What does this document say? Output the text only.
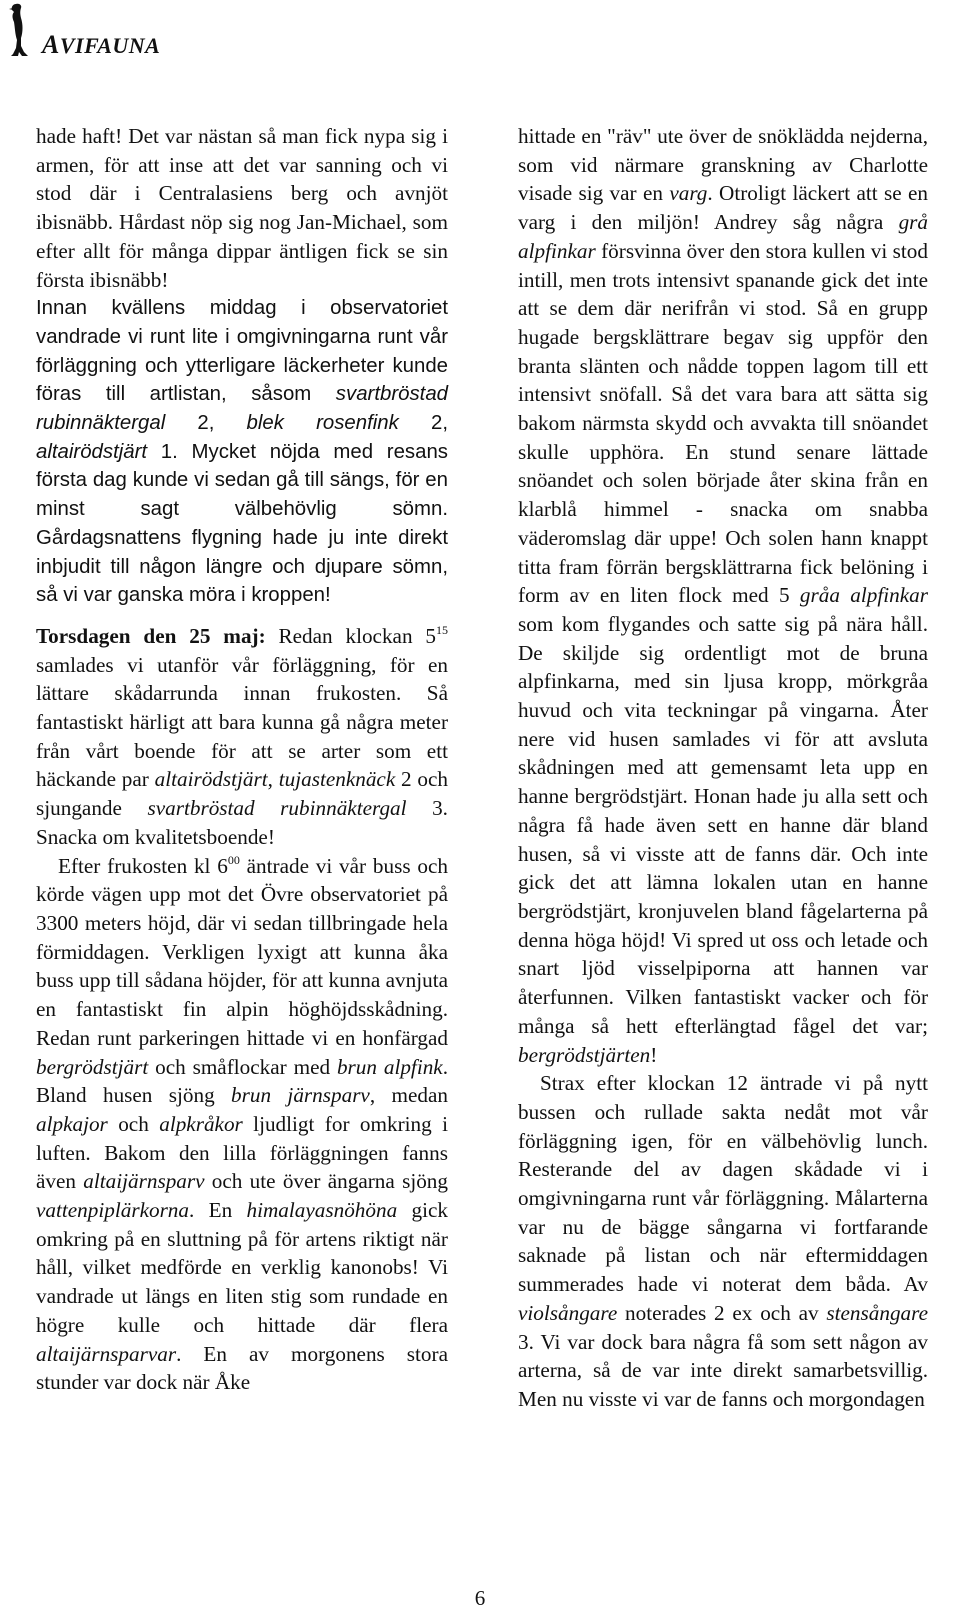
AVIFAUNA

hade haft! Det var nästan så man fick nypa sig i armen, för att inse att det var sanning och vi stod där i Centralasiens berg och avnjöt ibisnäbb. Hårdast nöp sig nog Jan-Michael, som efter allt för många dippar äntligen fick se sin första ibisnäbb!

Innan kvällens middag i observatoriet vandrade vi runt lite i omgivningarna runt vår förläggning och ytterligare läckerheter kunde föras till artlistan, såsom svartbröstad rubinnäktergal 2, blek rosenfink 2, altairödstjärt 1. Mycket nöjda med resans första dag kunde vi sedan gå till sängs, för en minst sagt välbehövlig sömn. Gårdagsnattens flygning hade ju inte direkt inbjudit till någon längre och djupare sömn, så vi var ganska möra i kroppen!

Torsdagen den 25 maj: Redan klockan $5^{15}$ samlades vi utanför vår förläggning, för en lättare skådarrunda innan frukosten. Så fantastiskt härligt att bara kunna gå några meter från vårt boende för att se arter som ett häckande par altairödstjärt, tujastenknäck 2 och sjungande svartbröstad rubinnäktergal 3. Snacka om kvalitetsboende!

Efter frukosten kl $6^{00}$ äntrade vi vår buss och körde vägen upp mot det Övre observatoriet på 3300 meters höjd, där vi sedan tillbringade hela förmiddagen. Verkligen lyxigt att kunna åka buss upp till sådana höjder, för att kunna avnjuta en fantastiskt fin alpin höghöjdsskådning. Redan runt parkeringen hittade vi en honfärgad bergrödstjärt och småflockar med brun alpfink. Bland husen sjöng brun järnsparv, medan alpkajor och alpkråkor ljudligt for omkring i luften. Bakom den lilla förläggningen fanns även altaijärnsparv och ute över ängarna sjöng vattenpiplärkorna. En himalayasnöhöna gick omkring på en sluttning på för artens riktigt när håll, vilket medförde en verklig kanonobs! Vi vandrade ut längs en liten stig som rundade en högre kulle och hittade där flera altaijärnsparvar. En av morgonens stora stunder var dock när Åke

hittade en "räv" ute över de snöklädda nejderna, som vid närmare granskning av Charlotte visade sig var en varg. Otroligt läckert att se en varg i den miljön! Andrey såg några grå alpfinkar försvinna över den stora kullen vi stod intill, men trots intensivt spanande gick det inte att se dem där nerifrån vi stod. Så en grupp hugade bergsklättrare begav sig uppför den branta slänten och nådde toppen lagom till ett intensivt snöfall. Så det vara bara att sätta sig bakom närmsta skydd och avvakta till snöandet skulle upphöra. En stund senare lättade snöandet och solen började åter skina från en klarblå himmel - snacka om snabba väderomslag där uppe! Och solen hann knappt titta fram förrän bergsklättrarna fick belöning i form av en liten flock med 5 gråa alpfinkar som kom flygandes och satte sig på nära håll. De skiljde sig ordentligt mot de bruna alpfinkarna, med sin ljusa kropp, mörkgråa huvud och vita teckningar på vingarna. Åter nere vid husen samlades vi för att avsluta skådningen med att gemensamt leta upp en hanne bergrödstjärt. Honan hade ju alla sett och några få hade även sett en hanne där bland husen, så vi visste att de fanns där. Och inte gick det att lämna lokalen utan en hanne bergrödstjärt, kronjuvelen bland fågelarterna på denna höga höjd! Vi spred ut oss och letade och snart ljöd visselpiporna att hannen var återfunnen. Vilken fantastiskt vacker och för många så hett efterlängtad fågel det var; bergrödstjärten!

Strax efter klockan 12 äntrade vi på nytt bussen och rullade sakta nedåt mot vår förläggning igen, för en välbehövlig lunch. Resterande del av dagen skådade vi i omgivningarna runt vår förläggning. Målarterna var nu de bägge sångarna vi fortfarande saknade på listan och när eftermiddagen summerades hade vi noterat dem båda. Av violsångare noterades 2 ex och av stensångare 3. Vi var dock bara några få som sett någon av arterna, så de var inte direkt samarbetsvillig. Men nu visste vi var de fanns och morgondagen

6
